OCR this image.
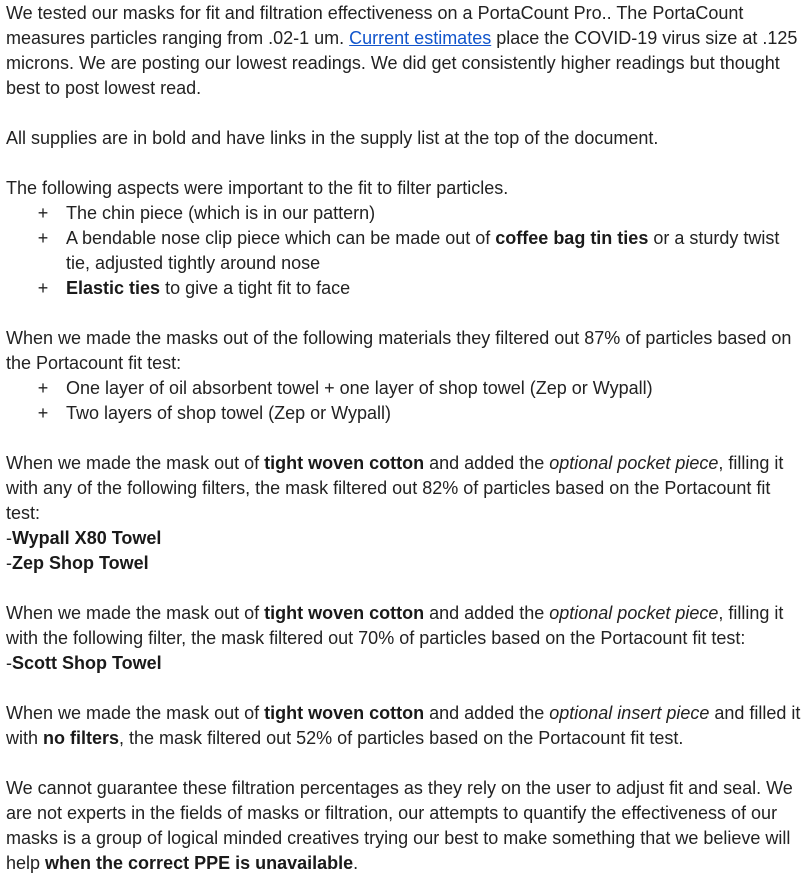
We tested our masks for fit and filtration effectiveness on a PortaCount Pro.. The PortaCount measures particles ranging from .02-1 um. Current estimates place the COVID-19 virus size at .125 microns. We are posting our lowest readings. We did get consistently higher readings but thought best to post lowest read.

All supplies are in bold and have links in the supply list at the top of the document.

The following aspects were important to the fit to filter particles.

+ The chin piece (which is in our pattern)
+ A bendable nose clip piece which can be made out of coffee bag tin ties or a sturdy twist tie, adjusted tightly around nose
+ Elastic ties to give a tight fit to face

When we made the masks out of the following materials they filtered out 87% of particles based on the Portacount fit test:

+ One layer of oil absorbent towel + one layer of shop towel (Zep or Wypall)
+ Two layers of shop towel (Zep or Wypall)

When we made the mask out of tight woven cotton and added the optional pocket piece, filling it with any of the following filters, the mask filtered out 82% of particles based on the Portacount fit test:

-Wypall X80 Towel

-Zep Shop Towel

When we made the mask out of tight woven cotton and added the optional pocket piece, filling it with the following filter, the mask filtered out 70% of particles based on the Portacount fit test:

-Scott Shop Towel

When we made the mask out of tight woven cotton and added the optional insert piece and filled it with no filters, the mask filtered out 52% of particles based on the Portacount fit test.

We cannot guarantee these filtration percentages as they rely on the user to adjust fit and seal. We are not experts in the fields of masks or filtration, our attempts to quantify the effectiveness of our masks is a group of logical minded creatives trying our best to make something that we believe will help when the correct PPE is unavailable.
